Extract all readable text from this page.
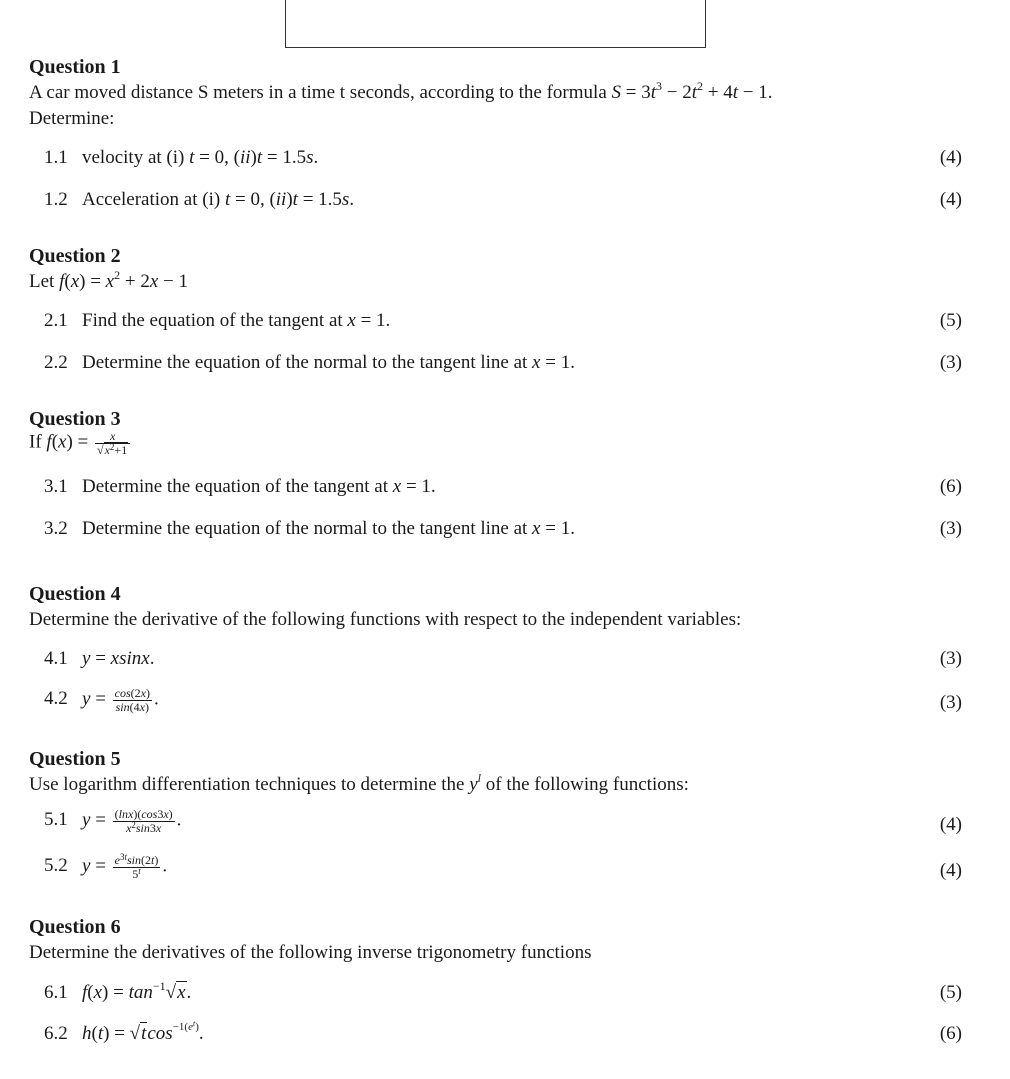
Question 1
A car moved distance S meters in a time t seconds, according to the formula $S = 3t^3 - 2t^2 + 4t - 1$.
Determine:
1.1 velocity at (i) t = 0, (ii)t = 1.5s.	(4)
1.2 Acceleration at (i) t = 0, (ii)t = 1.5s.	(4)
Question 2
Let $f(x) = x^2 + 2x - 1$
2.1 Find the equation of the tangent at x = 1.	(5)
2.2 Determine the equation of the normal to the tangent line at x = 1.	(3)
Question 3
If $f(x) = \frac{x}{√x^2+1}$
3.1 Determine the equation of the tangent at x = 1.	(6)
3.2 Determine the equation of the normal to the tangent line at x = 1.	(3)
Question 4
Determine the derivative of the following functions with respect to the independent variables:
4.1 y = xsinx.	(3)
4.2 $y = \frac{\cos(2x)}{\sin(4x)}$ .	(3)
Question 5
Use logarithm differentiation techniques to determine the $y^l$ of the following functions:
5.1 $y = \frac{(\ln x)(\cos 3x)}{x^2\sin 3x}$ .	(4)
5.2 $y = \frac{e^{3t}\sin(2t)}{5^t}$ .	(4)
Question 6
Determine the derivatives of the following inverse trigonometry functions
6.1 $f(x) = \tan^{-1}√x$.	(5)
6.2 h(t) = √tcos$^{-1(e^t)}$.	(6)
